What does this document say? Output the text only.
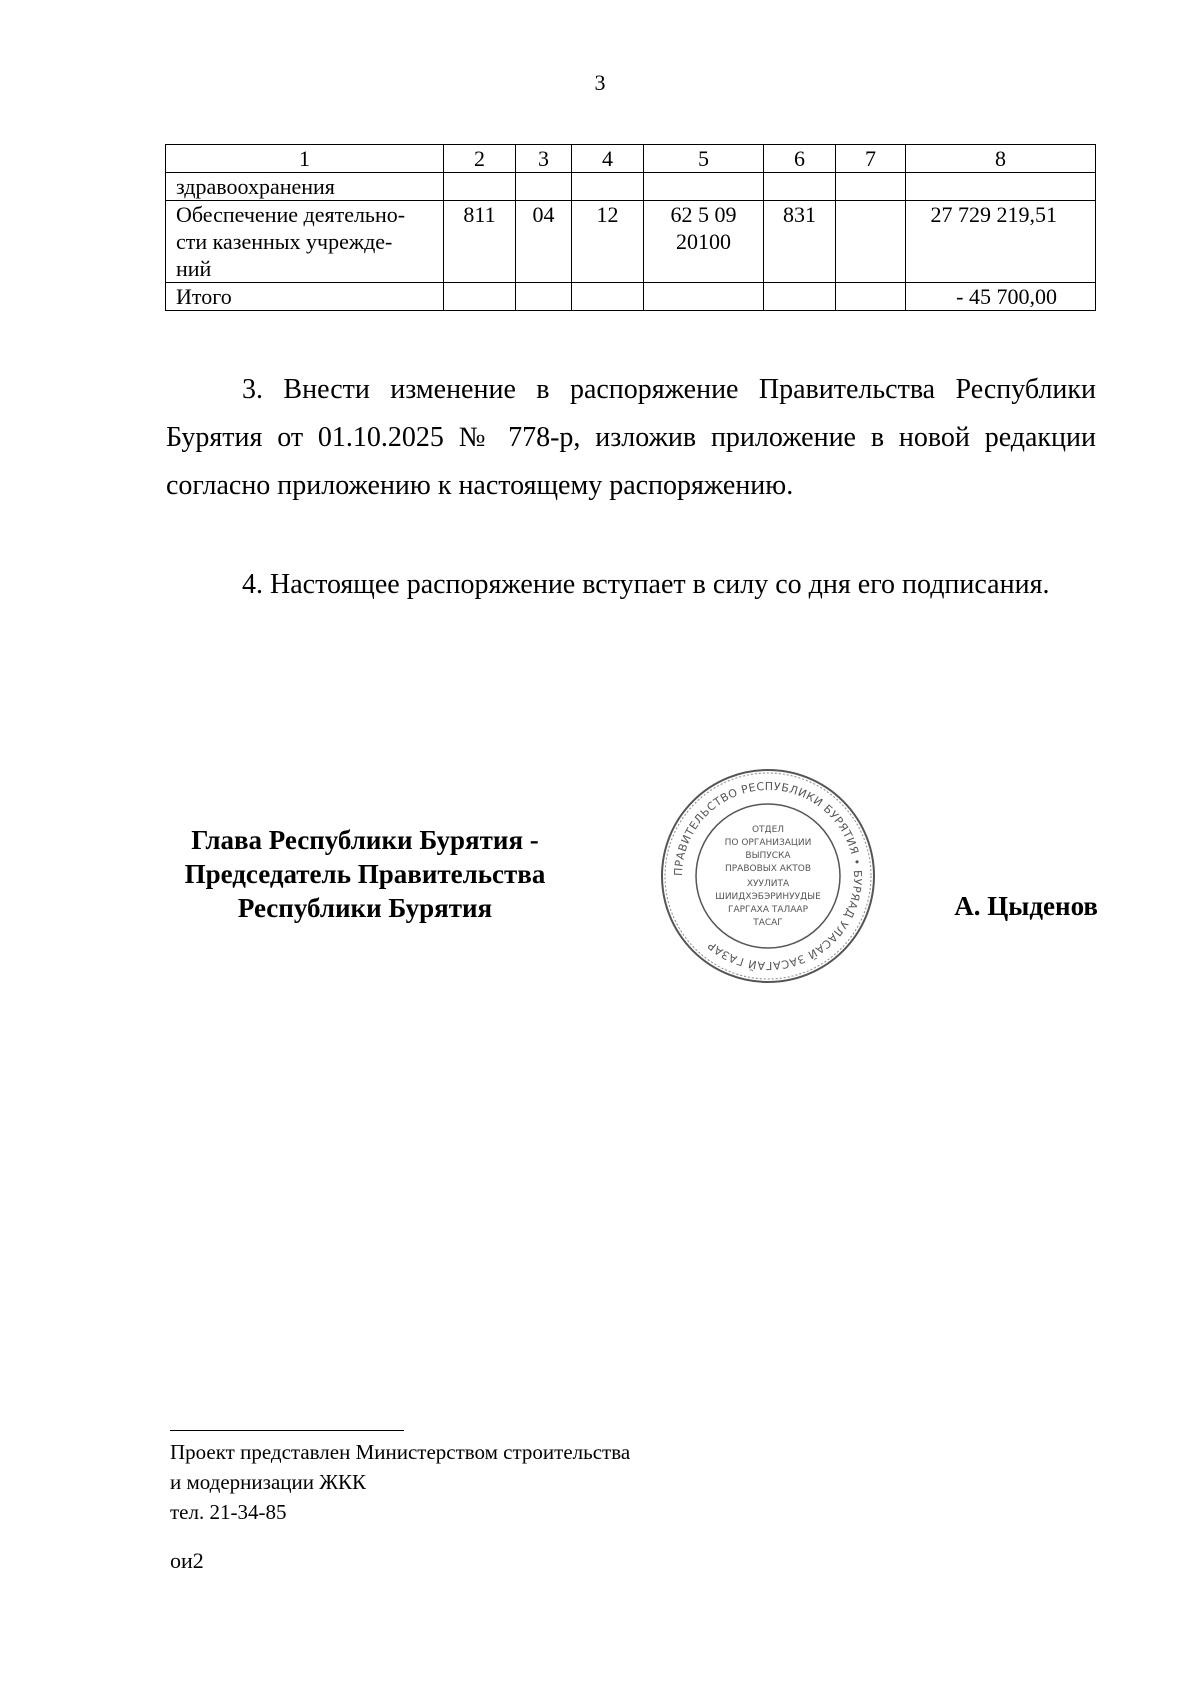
3
1	2	3	4	5	6	7	8
здравоохранения							
Обеспечение деятельно-
сти казенных учрежде-
ний	811	04	12	62 5 09 20100	831		27 729 219,51
Итого							- 45 700,00

3. Внести изменение в распоряжение Правительства Республики Бурятия от 01.10.2025 № 778-р, изложив приложение в новой редакции согласно приложению к настоящему распоряжению.

4. Настоящее распоряжение вступает в силу со дня его подписания.

Глава Республики Бурятия -
Председатель Правительства
Республики Бурятия
ПРАВИТЕЛЬСТВО РЕСПУБЛИКИ БУРЯТИЯ • БУРЯАД УЛАСАЙ ЗАСАГАЙ ГАЗАР
ОТДЕЛ
ПО ОРГАНИЗАЦИИ
ВЫПУСКА
ПРАВОВЫХ АКТОВ
ХУУЛИТА
ШИИДХЭБЭРИНУУДЫЕ
ГАРГАХА ТАЛААР
ТАСАГ
А. Цыденов
Проект представлен Министерством строительства
и модернизации ЖКК
тел. 21-34-85
ои2
